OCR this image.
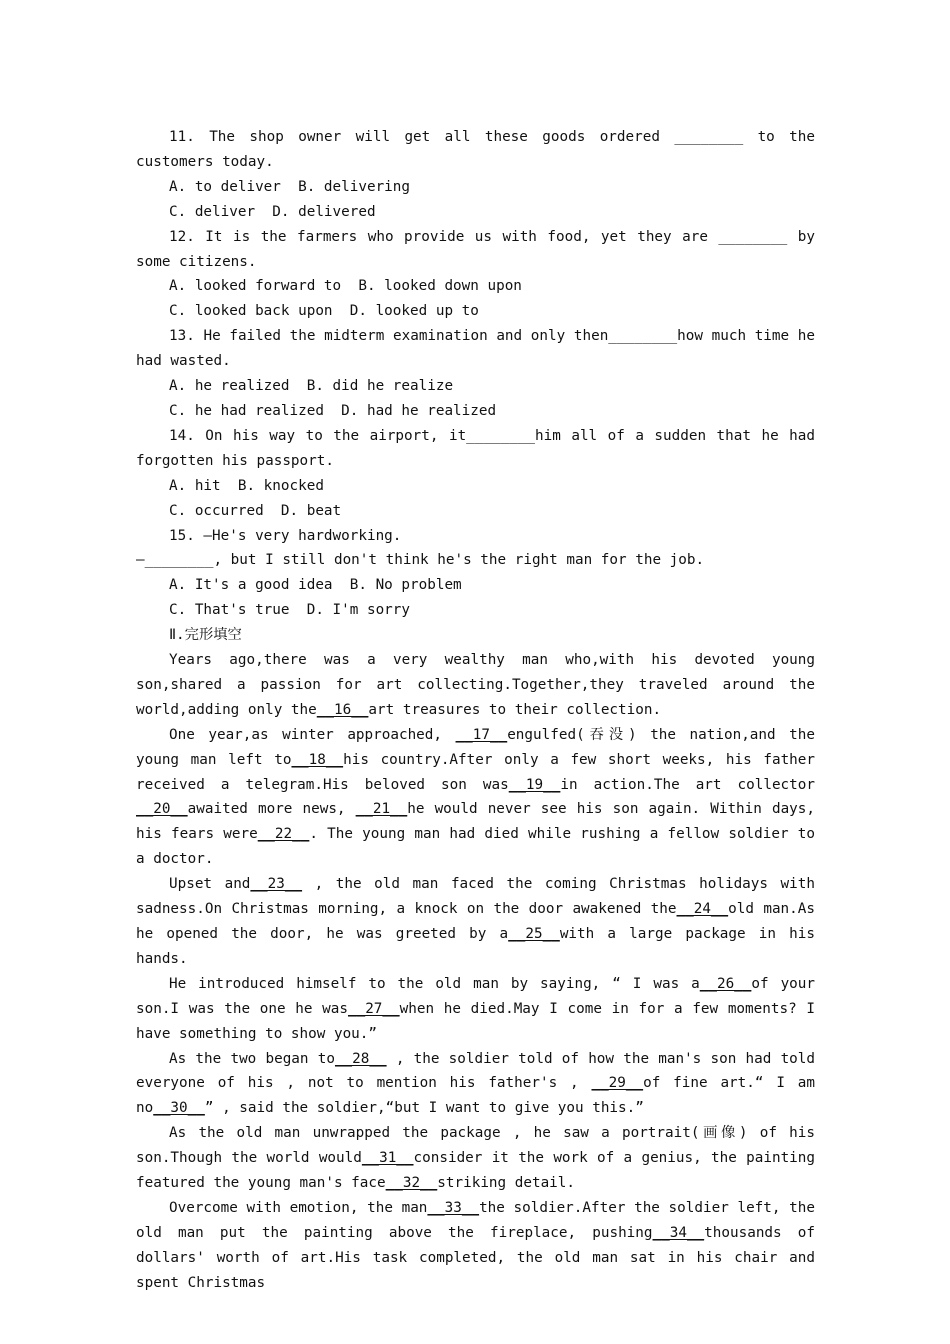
11. The shop owner will get all these goods ordered ________ to the customers today.

A. to deliver  B. delivering

C. deliver  D. delivered

12. It is the farmers who provide us with food, yet they are ________ by some citizens.

A. looked forward to  B. looked down upon

C. looked back upon  D. looked up to

13. He failed the midterm examination and only then________how much time he had wasted.

A. he realized  B. did he realize

C. he had realized  D. had he realized

14. On his way to the airport, it________him all of a sudden that he had forgotten his passport.

A. hit  B. knocked

C. occurred  D. beat

15. —He's very hardworking.

—________, but I still don't think he's the right man for the job.

A. It's a good idea  B. No problem

C. That's true  D. I'm sorry

Ⅱ.完形填空

Years ago,there was a very wealthy man who,with his devoted young son,shared a passion for art collecting.Together,they traveled around the world,adding only the__16__art treasures to their collection.

One year,as winter approached, __17__engulfed(吞没) the nation,and the young man left to__18__his country.After only a few short weeks, his father received a telegram.His beloved son was__19__in action.The art collector __20__awaited more news, __21__he would never see his son again. Within days, his fears were__22__. The young man had died while rushing a fellow soldier to a doctor.

Upset and__23__ , the old man faced the coming Christmas holidays with sadness.On Christmas morning, a knock on the door awakened the__24__old man.As he opened the door, he was greeted by a__25__with a large package in his hands.

He introduced himself to the old man by saying, “ I was a__26__of your son.I was the one he was__27__when he died.May I come in for a few moments? I have something to show you.”

As the two began to__28__ , the soldier told of how the man's son had told everyone of his , not to mention his father's , __29__of fine art.“ I am no__30__” , said the soldier,“but I want to give you this.”

As the old man unwrapped the package , he saw a portrait(画像) of his son.Though the world would__31__consider it the work of a genius, the painting featured the young man's face__32__striking detail.

Overcome with emotion, the man__33__the soldier.After the soldier left, the old man put the painting above the fireplace, pushing__34__thousands of dollars' worth of art.His task completed, the old man sat in his chair and spent Christmas
